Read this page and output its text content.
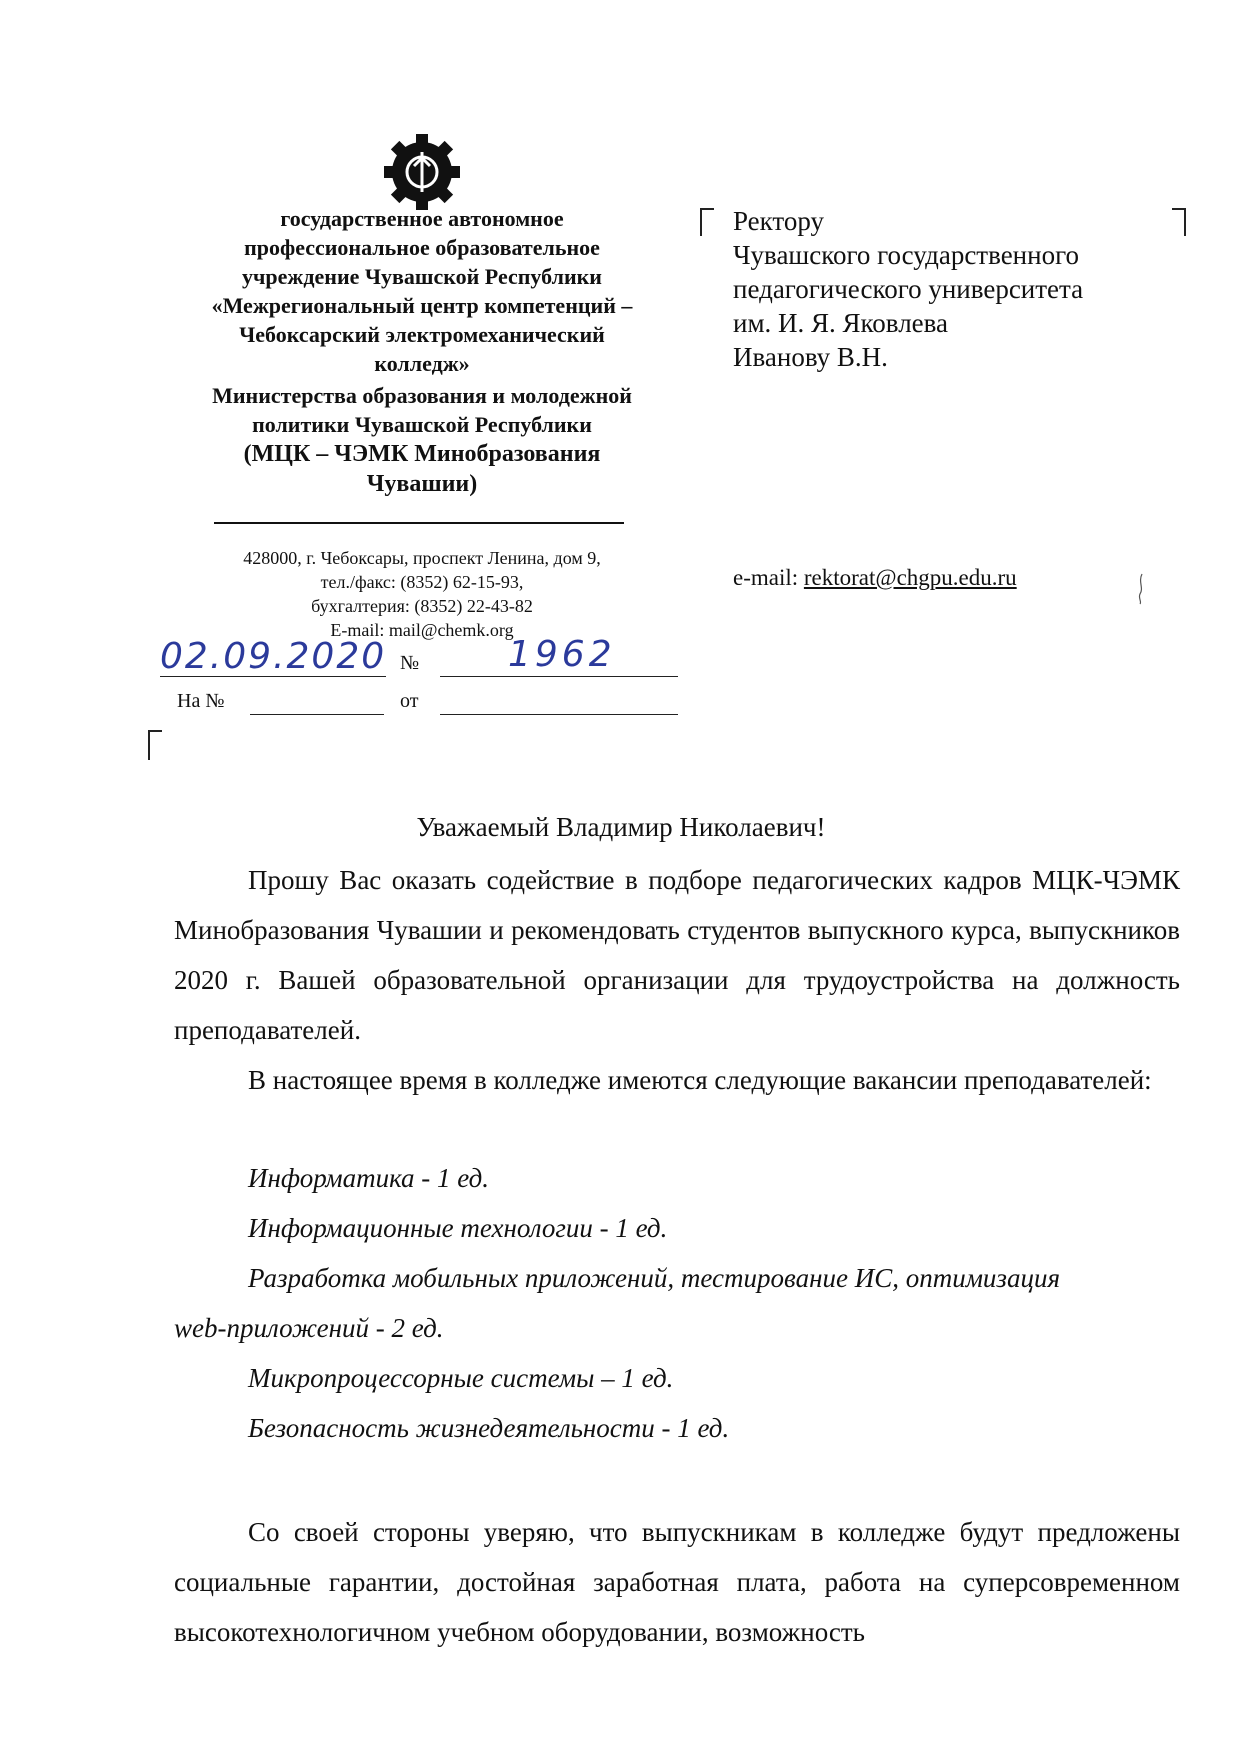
государственное автономное
профессиональное образовательное
учреждение Чувашской Республики
«Межрегиональный центр компетенций –
Чебоксарский электромеханический
колледж»
Министерства образования и молодежной
политики Чувашской Республики
(МЦК – ЧЭМК Минобразования
Чувашии)
428000, г. Чебоксары, проспект Ленина, дом 9,
тел./факс: (8352) 62-15-93,
бухгалтерия: (8352) 22-43-82
E-mail: mail@chemk.org
02.09.2020 № 1962
На №	от
Ректору
Чувашского государственного
педагогического университета
им. И. Я. Яковлева
Иванову В.Н.
e-mail: rektorat@chgpu.edu.ru
Уважаемый Владимир Николаевич!
Прошу Вас оказать содействие в подборе педагогических кадров МЦК-ЧЭМК Минобразования Чувашии и рекомендовать студентов выпускного курса, выпускников 2020 г. Вашей образовательной организации для трудоустройства на должность преподавателей.
В настоящее время в колледже имеются следующие вакансии преподавателей:
Информатика - 1 ед.
Информационные технологии - 1 ед.
Разработка мобильных приложений, тестирование ИС, оптимизация
web-приложений - 2 ед.
Микропроцессорные системы – 1 ед.
Безопасность жизнедеятельности - 1 ед.
Со своей стороны уверяю, что выпускникам в колледже будут предложены социальные гарантии, достойная заработная плата, работа на суперсовременном высокотехнологичном учебном оборудовании, возможность
